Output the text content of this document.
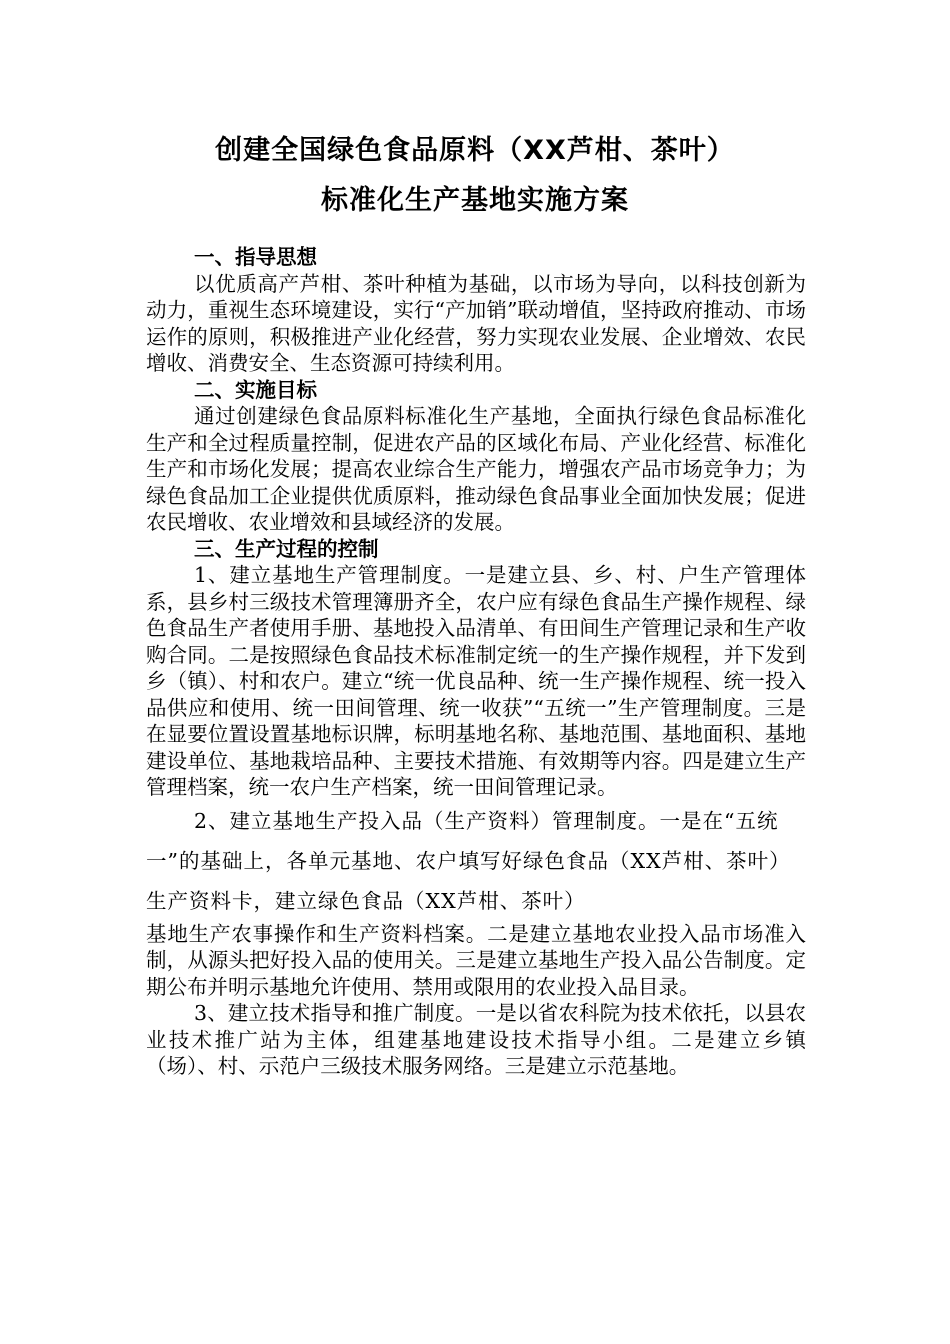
创建全国绿色食品原料（XX芦柑、茶叶）
标准化生产基地实施方案
一、指导思想

以优质高产芦柑、茶叶种植为基础，以市场为导向，以科技创新为动力，重视生态环境建设，实行“产加销”联动增值，坚持政府推动、市场运作的原则，积极推进产业化经营，努力实现农业发展、企业增效、农民增收、消费安全、生态资源可持续利用。

二、实施目标

通过创建绿色食品原料标准化生产基地，全面执行绿色食品标准化生产和全过程质量控制，促进农产品的区域化布局、产业化经营、标准化生产和市场化发展；提高农业综合生产能力，增强农产品市场竞争力；为绿色食品加工企业提供优质原料，推动绿色食品事业全面加快发展；促进农民增收、农业增效和县域经济的发展。

三、生产过程的控制

1、建立基地生产管理制度。一是建立县、乡、村、户生产管理体系，县乡村三级技术管理簿册齐全，农户应有绿色食品生产操作规程、绿色食品生产者使用手册、基地投入品清单、有田间生产管理记录和生产收购合同。二是按照绿色食品技术标准制定统一的生产操作规程，并下发到乡（镇）、村和农户。建立“统一优良品种、统一生产操作规程、统一投入品供应和使用、统一田间管理、统一收获”“五统一”生产管理制度。三是在显要位置设置基地标识牌，标明基地名称、基地范围、基地面积、基地建设单位、基地栽培品种、主要技术措施、有效期等内容。四是建立生产管理档案，统一农户生产档案，统一田间管理记录。

2、建立基地生产投入品（生产资料）管理制度。一是在“五统一”的基础上，各单元基地、农户填写好绿色食品（XX芦柑、茶叶）生产资料卡，建立绿色食品（XX芦柑、茶叶）

基地生产农事操作和生产资料档案。二是建立基地农业投入品市场准入制，从源头把好投入品的使用关。三是建立基地生产投入品公告制度。定期公布并明示基地允许使用、禁用或限用的农业投入品目录。

3、建立技术指导和推广制度。一是以省农科院为技术依托，以县农业技术推广站为主体，组建基地建设技术指导小组。二是建立乡镇（场）、村、示范户三级技术服务网络。三是建立示范基地。
